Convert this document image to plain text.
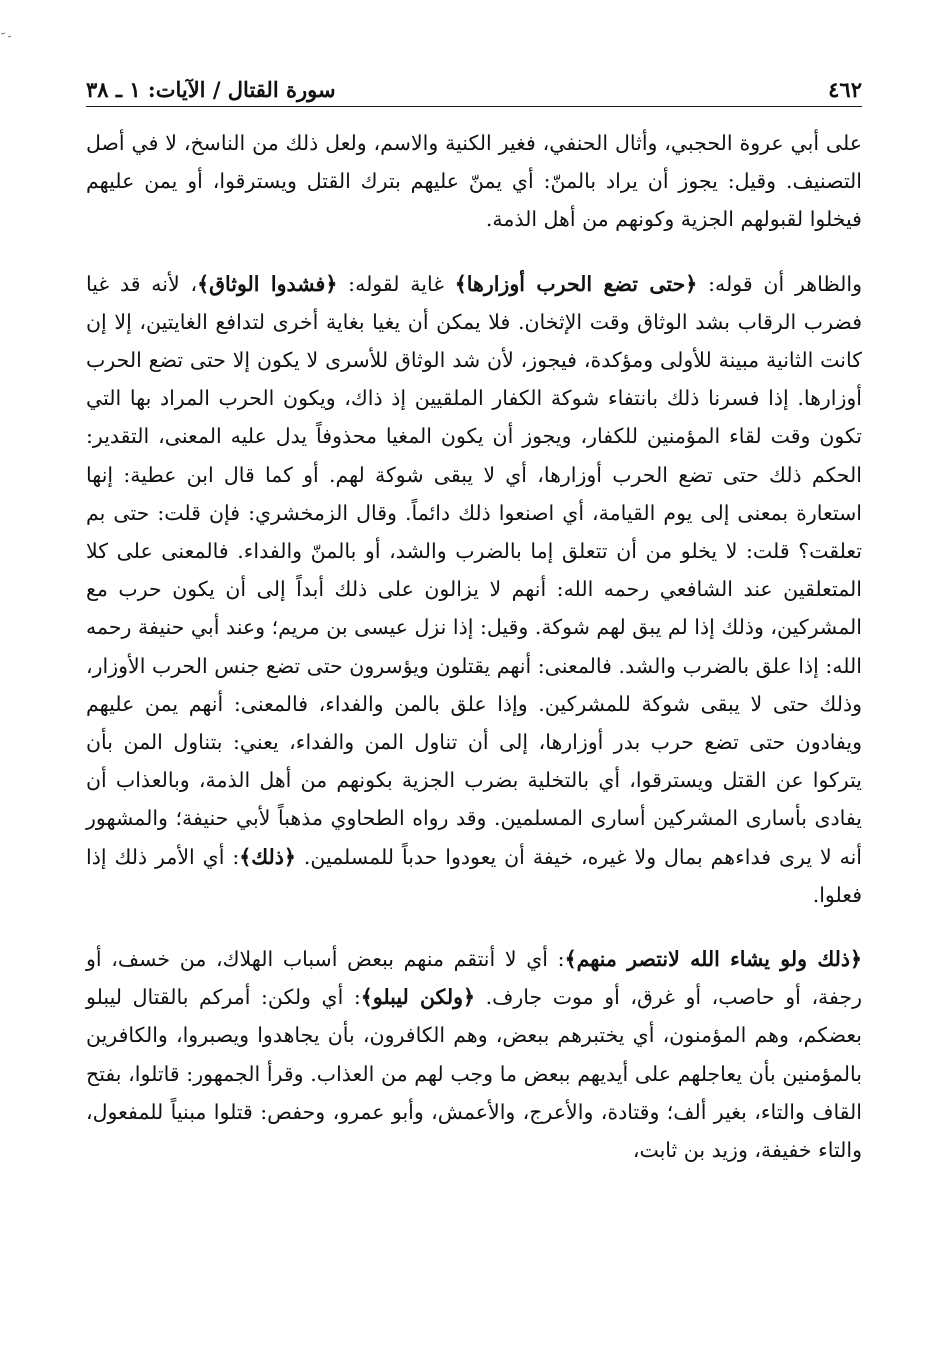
٤٦٢
سورة القتال / الآيات: ١ ـ ٣٨

على أبي عروة الحجبي، وأثال الحنفي، فغير الكنية والاسم، ولعل ذلك من الناسخ، لا في أصل التصنيف. وقيل: يجوز أن يراد بالمنّ: أي يمنّ عليهم بترك القتل ويسترقوا، أو يمن عليهم فيخلوا لقبولهم الجزية وكونهم من أهل الذمة.

والظاهر أن قوله: ﴿حتى تضع الحرب أوزارها﴾ غاية لقوله: ﴿فشدوا الوثاق﴾، لأنه قد غيا فضرب الرقاب بشد الوثاق وقت الإثخان. فلا يمكن أن يغيا بغاية أخرى لتدافع الغايتين، إلا إن كانت الثانية مبينة للأولى ومؤكدة، فيجوز، لأن شد الوثاق للأسرى لا يكون إلا حتى تضع الحرب أوزارها. إذا فسرنا ذلك بانتفاء شوكة الكفار الملقيين إذ ذاك، ويكون الحرب المراد بها التي تكون وقت لقاء المؤمنين للكفار، ويجوز أن يكون المغيا محذوفاً يدل عليه المعنى، التقدير: الحكم ذلك حتى تضع الحرب أوزارها، أي لا يبقى شوكة لهم. أو كما قال ابن عطية: إنها استعارة بمعنى إلى يوم القيامة، أي اصنعوا ذلك دائماً. وقال الزمخشري: فإن قلت: حتى بم تعلقت؟ قلت: لا يخلو من أن تتعلق إما بالضرب والشد، أو بالمنّ والفداء. فالمعنى على كلا المتعلقين عند الشافعي رحمه الله: أنهم لا يزالون على ذلك أبداً إلى أن يكون حرب مع المشركين، وذلك إذا لم يبق لهم شوكة. وقيل: إذا نزل عيسى بن مريم؛ وعند أبي حنيفة رحمه الله: إذا علق بالضرب والشد. فالمعنى: أنهم يقتلون ويؤسرون حتى تضع جنس الحرب الأوزار، وذلك حتى لا يبقى شوكة للمشركين. وإذا علق بالمن والفداء، فالمعنى: أنهم يمن عليهم ويفادون حتى تضع حرب بدر أوزارها، إلى أن تناول المن والفداء، يعني: بتناول المن بأن يتركوا عن القتل ويسترقوا، أي بالتخلية بضرب الجزية بكونهم من أهل الذمة، وبالعذاب أن يفادى بأسارى المشركين أسارى المسلمين. وقد رواه الطحاوي مذهباً لأبي حنيفة؛ والمشهور أنه لا يرى فداءهم بمال ولا غيره، خيفة أن يعودوا حدباً للمسلمين. ﴿ذلك﴾: أي الأمر ذلك إذا فعلوا.

﴿ذلك ولو يشاء الله لانتصر منهم﴾: أي لا أنتقم منهم ببعض أسباب الهلاك، من خسف، أو رجفة، أو حاصب، أو غرق، أو موت جارف. ﴿ولكن ليبلو﴾: أي ولكن: أمركم بالقتال ليبلو بعضكم، وهم المؤمنون، أي يختبرهم ببعض، وهم الكافرون، بأن يجاهدوا ويصبروا، والكافرين بالمؤمنين بأن يعاجلهم على أيديهم ببعض ما وجب لهم من العذاب. وقرأ الجمهور: قاتلوا، بفتح القاف والتاء، بغير ألف؛ وقتادة، والأعرج، والأعمش، وأبو عمرو، وحفص: قتلوا مبنياً للمفعول، والتاء خفيفة، وزيد بن ثابت،
